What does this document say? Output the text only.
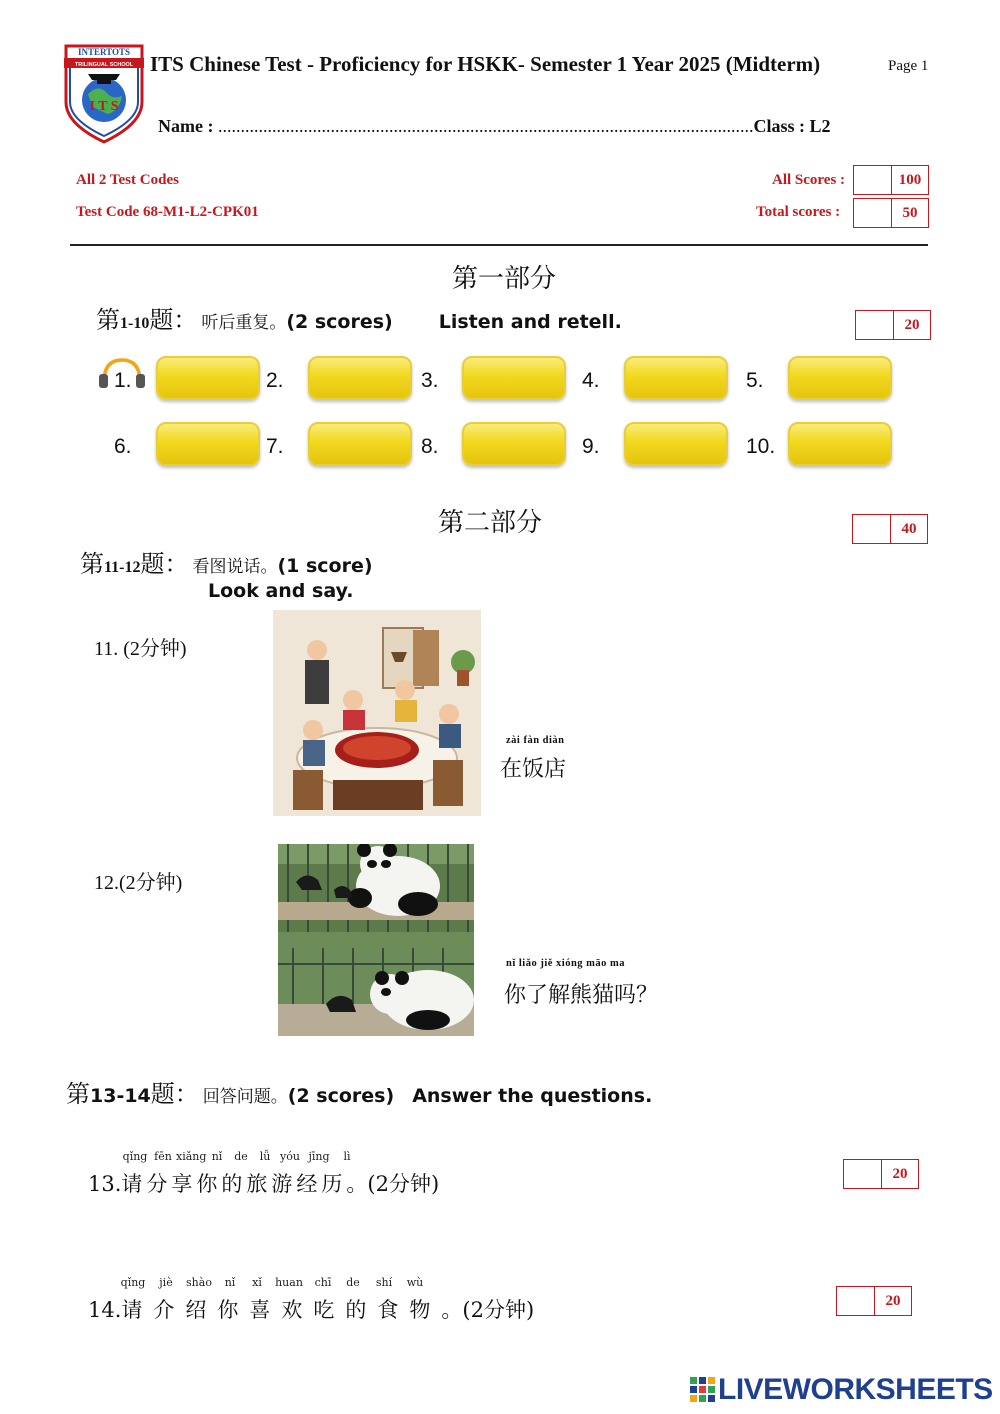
INTERTOTS
TRILINGUAL SCHOOL
I T S
ITS Chinese Test - Proficiency for HSKK- Semester 1 Year 2025 (Midterm)	Page 1
Name : .......................................................................................................................Class : L2
All 2 Test Codes
Test Code 68-M1-L2-CPK01
All Scores :	100
Total scores :	50
第一部分
第1-10题： 听后重复。(2 scores) Listen and retell.	20
1.	2.	3.	4.	5.
6.	7.	8.	9.	10.
第二部分	40
第11-12题： 看图说话。(1 score)
Look and say.
11. (2分钟)
zài fàn diàn
在饭店
12.(2分钟)
nǐ liǎo jiě xióng māo ma
你了解熊猫吗？
第13-14题： 回答问题。(2 scores) Answer the questions.
qǐng fēn xiǎng nǐ de lǚ yóu jīng lì
13.请分享你的旅游经历。(2分钟)	20
qǐng jiè shào nǐ xǐ huan chī de shí wù
14.请介绍你喜欢吃的食物。(2分钟)	20
LIVEWORKSHEETS
